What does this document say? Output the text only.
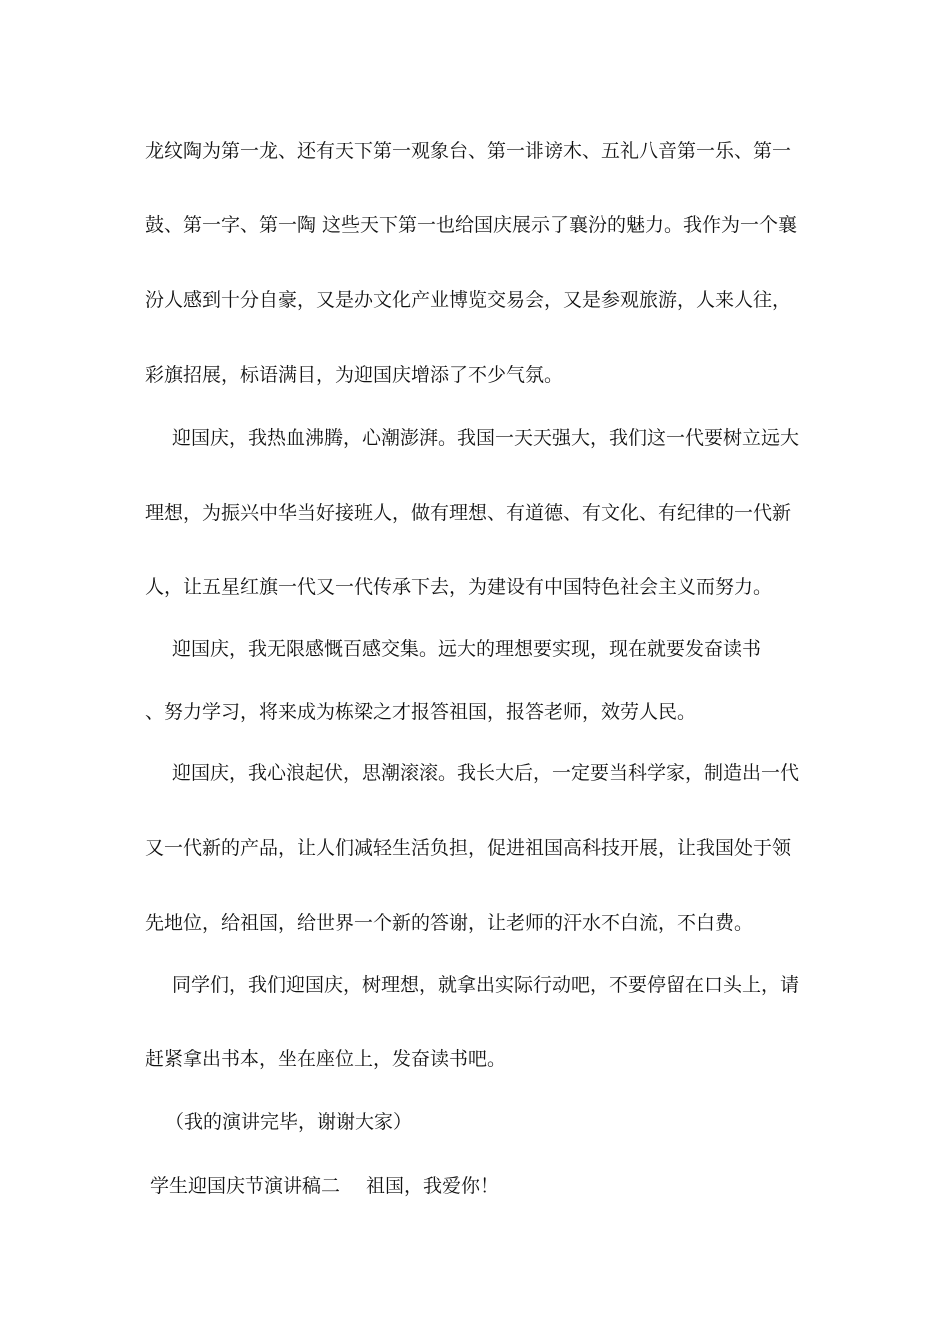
龙纹陶为第一龙、还有天下第一观象台、第一诽谤木、五礼八音第一乐、第一
鼓、第一字、第一陶 这些天下第一也给国庆展示了襄汾的魅力。我作为一个襄
汾人感到十分自豪，又是办文化产业博览交易会，又是参观旅游，人来人往，
彩旗招展，标语满目，为迎国庆增添了不少气氛。
迎国庆，我热血沸腾，心潮澎湃。我国一天天强大，我们这一代要树立远大
理想，为振兴中华当好接班人，做有理想、有道德、有文化、有纪律的一代新
人，让五星红旗一代又一代传承下去，为建设有中国特色社会主义而努力。
迎国庆，我无限感慨百感交集。远大的理想要实现，现在就要发奋读书
、努力学习，将来成为栋梁之才报答祖国，报答老师，效劳人民。
迎国庆，我心浪起伏，思潮滚滚。我长大后，一定要当科学家，制造出一代
又一代新的产品，让人们减轻生活负担，促进祖国高科技开展，让我国处于领
先地位，给祖国，给世界一个新的答谢，让老师的汗水不白流，不白费。
同学们，我们迎国庆，树理想，就拿出实际行动吧，不要停留在口头上，请
赶紧拿出书本，坐在座位上，发奋读书吧。
（我的演讲完毕，谢谢大家）
学生迎国庆节演讲稿二 祖国，我爱你！
